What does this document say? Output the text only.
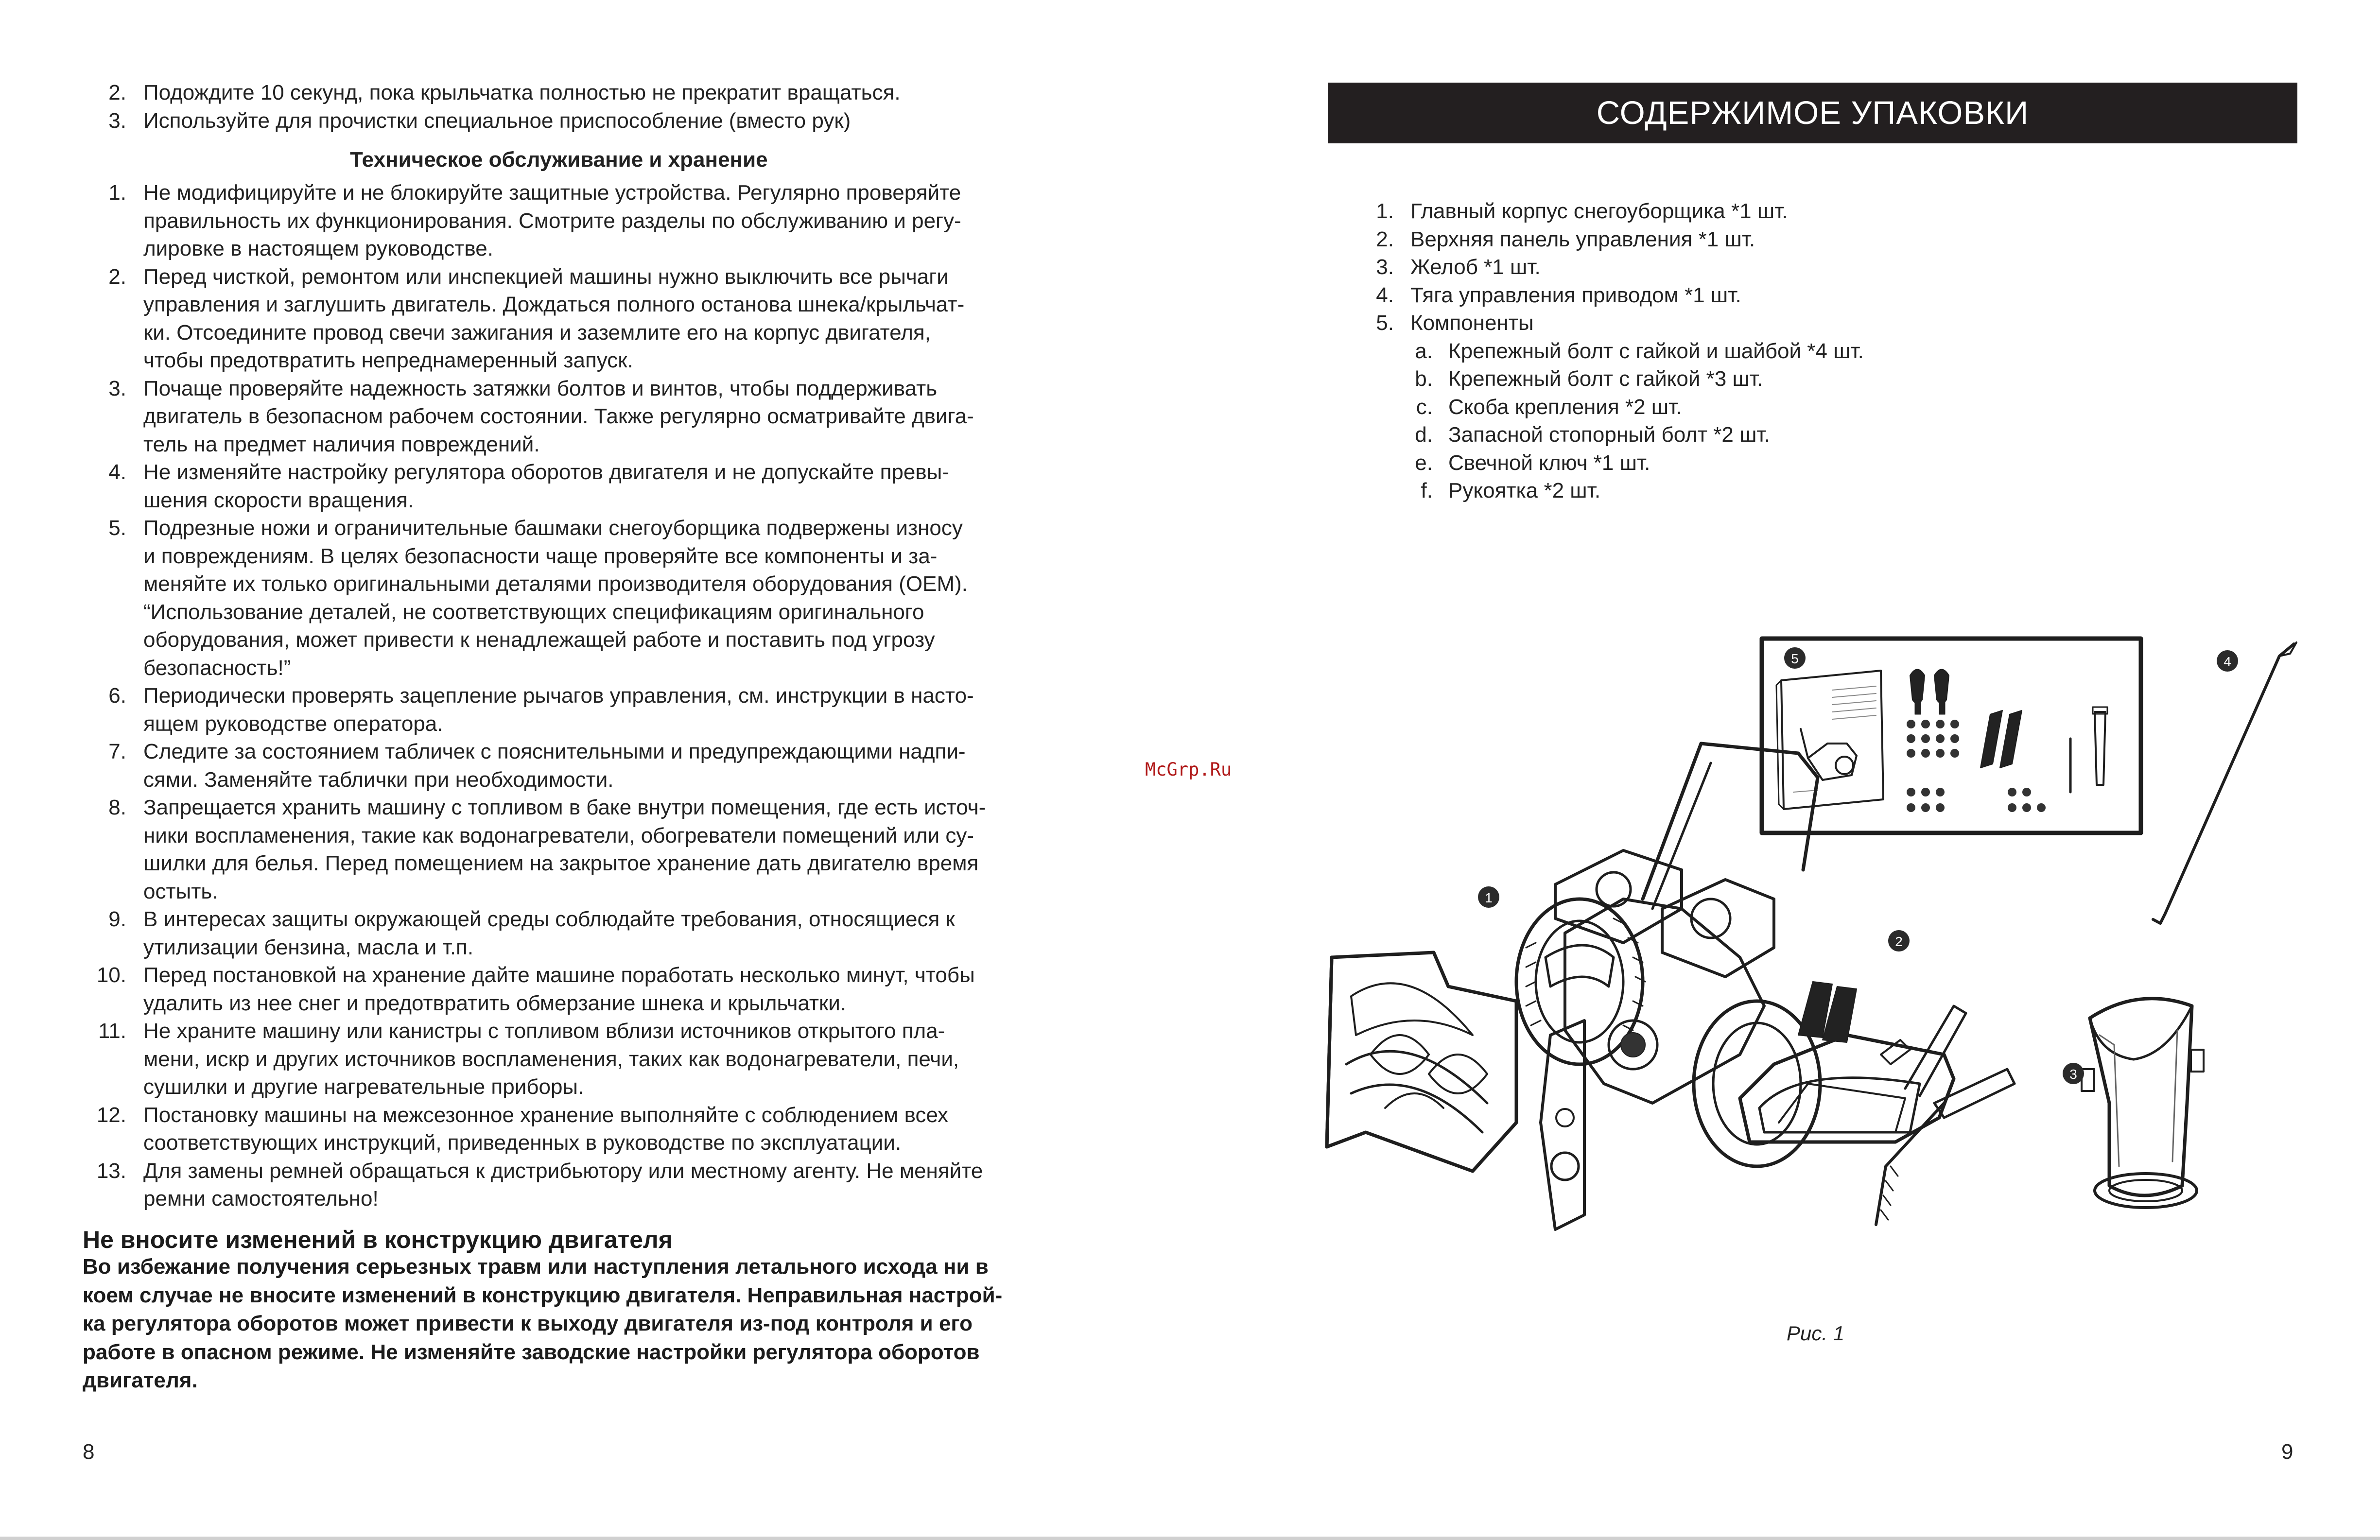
2. Подождите 10 секунд, пока крыльчатка полностью не прекратит вращаться.
3. Используйте для прочистки специальное приспособление (вместо рук)
Техническое обслуживание и хранение
1. Не модифицируйте и не блокируйте защитные устройства. Регулярно проверяйте
правильность их функционирования. Смотрите разделы по обслуживанию и регу-
лировке в настоящем руководстве.
2. Перед чисткой, ремонтом или инспекцией машины нужно выключить все рычаги
управления и заглушить двигатель. Дождаться полного останова шнека/крыльчат-
ки. Отсоедините провод свечи зажигания и заземлите его на корпус двигателя,
чтобы предотвратить непреднамеренный запуск.
3. Почаще проверяйте надежность затяжки болтов и винтов, чтобы поддерживать
двигатель в безопасном рабочем состоянии. Также регулярно осматривайте двига-
тель на предмет наличия повреждений.
4. Не изменяйте настройку регулятора оборотов двигателя и не допускайте превы-
шения скорости вращения.
5. Подрезные ножи и ограничительные башмаки снегоуборщика подвержены износу
и повреждениям. В целях безопасности чаще проверяйте все компоненты и за-
меняйте их только оригинальными деталями производителя оборудования (OEM).
“Использование деталей, не соответствующих спецификациям оригинального
оборудования, может привести к ненадлежащей работе и поставить под угрозу
безопасность!”
6. Периодически проверять зацепление рычагов управления, см. инструкции в насто-
ящем руководстве оператора.
7. Следите за состоянием табличек с пояснительными и предупреждающими надпи-
сями. Заменяйте таблички при необходимости.
8. Запрещается хранить машину с топливом в баке внутри помещения, где есть источ-
ники воспламенения, такие как водонагреватели, обогреватели помещений или су-
шилки для белья. Перед помещением на закрытое хранение дать двигателю время
остыть.
9. В интересах защиты окружающей среды соблюдайте требования, относящиеся к
утилизации бензина, масла и т.п.
10. Перед постановкой на хранение дайте машине поработать несколько минут, чтобы
удалить из нее снег и предотвратить обмерзание шнека и крыльчатки.
11. Не храните машину или канистры с топливом вблизи источников открытого пла-
мени, искр и других источников воспламенения, таких как водонагреватели, печи,
сушилки и другие нагревательные приборы.
12. Постановку машины на межсезонное хранение выполняйте с соблюдением всех
соответствующих инструкций, приведенных в руководстве по эксплуатации.
13. Для замены ремней обращаться к дистрибьютору или местному агенту. Не меняйте
ремни самостоятельно!
Не вносите изменений в конструкцию двигателя
Во избежание получения серьезных травм или наступления летального исхода ни в
коем случае не вносите изменений в конструкцию двигателя. Неправильная настрой-
ка регулятора оборотов может привести к выходу двигателя из-под контроля и его
работе в опасном режиме. Не изменяйте заводские настройки регулятора оборотов
двигателя.
8
СОДЕРЖИМОЕ УПАКОВКИ
1. Главный корпус снегоуборщика *1 шт.
2. Верхняя панель управления *1 шт.
3. Желоб *1 шт.
4. Тяга управления приводом *1 шт.
5. Компоненты
a. Крепежный болт с гайкой и шайбой *4 шт.
b. Крепежный болт с гайкой *3 шт.
c. Скоба крепления *2 шт.
d. Запасной стопорный болт *2 шт.
e. Свечной ключ *1 шт.
f. Рукоятка *2 шт.
McGrp.Ru
1
2
3
4
5
Рис. 1
9
